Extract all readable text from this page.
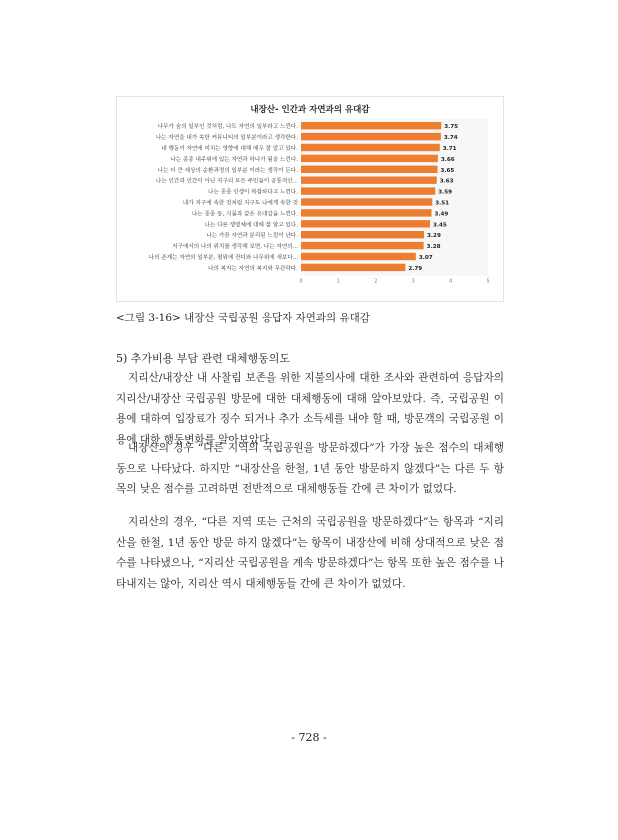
내장산- 인간과 자연과의 유대감
나무가 숲의 일부인 것처럼, 나도 자연의 일부라고 느낀다.	3.75
나는 자연을 내가 속한 커뮤니티의 일부분이라고 생각한다.	3.74
내 행동이 자연에 미치는 영향에 대해 매우 잘 알고 있다.	3.71
나는 종종 내주위에 있는 자연과 하나가 됨을 느낀다.	3.66
나는 더 큰 세상의 순환과정의 일부분 이라는 생각이 든다.	3.65
나는 인간과 인간이 아닌 지구의 모든 주민들이 공통적인...	3.63
나는 종종 인생이 복잡하다고 느낀다.	3.59
내가 지구에 속한 것처럼 지구도 나에게 속한 것	3.51
나는 종종 동, 식물과 같은 유대감을 느낀다.	3.49
나는 다른 생명체에 대해 잘 알고 있다.	3.45
나는 가끔 자연과 분리된 느낌이 난다.	3.29
지구에서의 나의 위치를 생각해 보면, 나는 자연의...	3.28
나의 존재는 자연의 일부분, 평위에 잔디와 나무위에 새보다...	3.07
나의 복지는 자연의 복지와 무관하다.	2.79
0	1	2	3	4	5
<그림 3-16> 내장산 국립공원 응답자 자연과의 유대감
5) 추가비용 부담 관련 대체행동의도

지리산/내장산 내 사찰림 보존을 위한 지불의사에 대한 조사와 관련하여 응답자의 지리산/내장산 국립공원 방문에 대한 대체행동에 대해 알아보았다. 즉, 국립공원 이용에 대하여 입장료가 징수 되거나 추가 소득세를 내야 할 때, 방문객의 국립공원 이용에 대한 행동변화를 알아보았다.

내장산의 경우 “다른 지역의 국립공원을 방문하겠다”가 가장 높은 점수의 대체행동으로 나타났다. 하지만 “내장산을 한철, 1년 동안 방문하지 않겠다”는 다른 두 항목의 낮은 점수를 고려하면 전반적으로 대체행동들 간에 큰 차이가 없었다.

지리산의 경우, “다른 지역 또는 근처의 국립공원을 방문하겠다”는 항목과 “지리산을 한철, 1년 동안 방문 하지 않겠다”는 항목이 내장산에 비해 상대적으로 낮은 점수를 나타냈으나, “지리산 국립공원을 계속 방문하겠다”는 항목 또한 높은 점수를 나타내지는 않아, 지리산 역시 대체행동들 간에 큰 차이가 없었다.

- 728 -
